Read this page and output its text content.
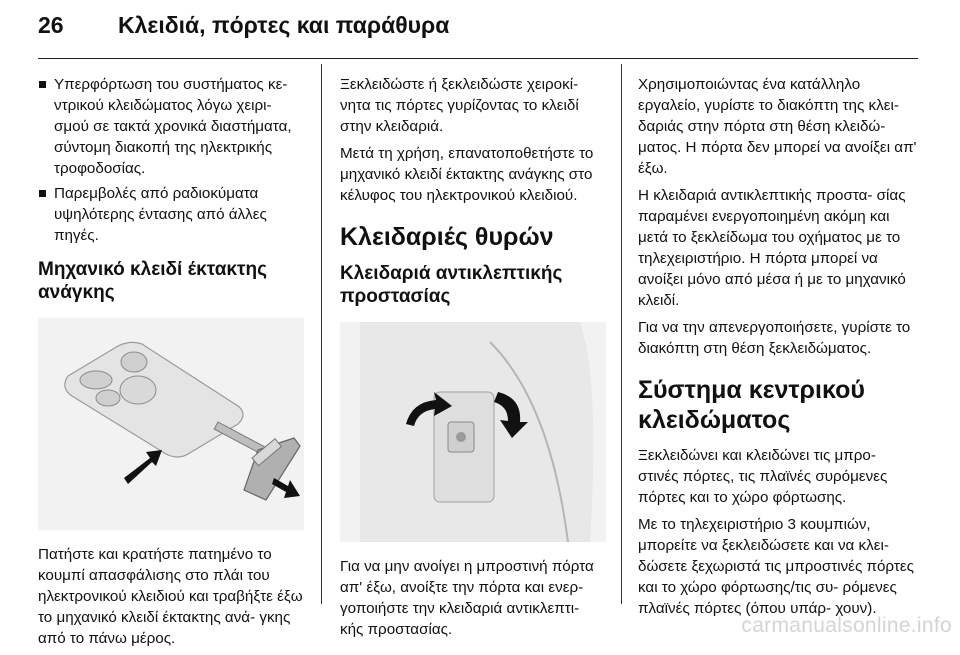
26 Κλειδιά, πόρτες και παράθυρα
Υπερφόρτωση του συστήματος κε- ντρικού κλειδώματος λόγω χειρι- σμού σε τακτά χρονικά διαστήματα, σύντομη διακοπή της ηλεκτρικής τροφοδοσίας.
Παρεμβολές από ραδιοκύματα υψηλότερης έντασης από άλλες πηγές.
Μηχανικό κλειδί έκτακτης ανάγκης

Πατήστε και κρατήστε πατημένο το κουμπί απασφάλισης στο πλάι του ηλεκτρονικού κλειδιού και τραβήξτε έξω το μηχανικό κλειδί έκτακτης ανά- γκης από το πάνω μέρος.

Ξεκλειδώστε ή ξεκλειδώστε χειροκί- νητα τις πόρτες γυρίζοντας το κλειδί στην κλειδαριά.

Μετά τη χρήση, επανατοποθετήστε το μηχανικό κλειδί έκτακτης ανάγκης στο κέλυφος του ηλεκτρονικού κλειδιού.

Κλειδαριές θυρών
Κλειδαριά αντικλεπτικής προστασίας

Για να μην ανοίγει η μπροστινή πόρτα απ' έξω, ανοίξτε την πόρτα και ενερ- γοποιήστε την κλειδαριά αντικλεπτι- κής προστασίας.

Χρησιμοποιώντας ένα κατάλληλο εργαλείο, γυρίστε το διακόπτη της κλει- δαριάς στην πόρτα στη θέση κλειδώ- ματος. Η πόρτα δεν μπορεί να ανοίξει απ' έξω.

Η κλειδαριά αντικλεπτικής προστα- σίας παραμένει ενεργοποιημένη ακόμη και μετά το ξεκλείδωμα του οχήματος με το τηλεχειριστήριο. Η πόρτα μπορεί να ανοίξει μόνο από μέσα ή με το μηχανικό κλειδί.

Για να την απενεργοποιήσετε, γυρίστε το διακόπτη στη θέση ξεκλειδώματος.

Σύστημα κεντρικού κλειδώματος

Ξεκλειδώνει και κλειδώνει τις μπρο- στινές πόρτες, τις πλαϊνές συρόμενες πόρτες και το χώρο φόρτωσης.

Με το τηλεχειριστήριο 3 κουμπιών, μπορείτε να ξεκλειδώσετε και να κλει- δώσετε ξεχωριστά τις μπροστινές πόρτες και το χώρο φόρτωσης/τις συ- ρόμενες πλαϊνές πόρτες (όπου υπάρ- χουν).

carmanualsonline.info
